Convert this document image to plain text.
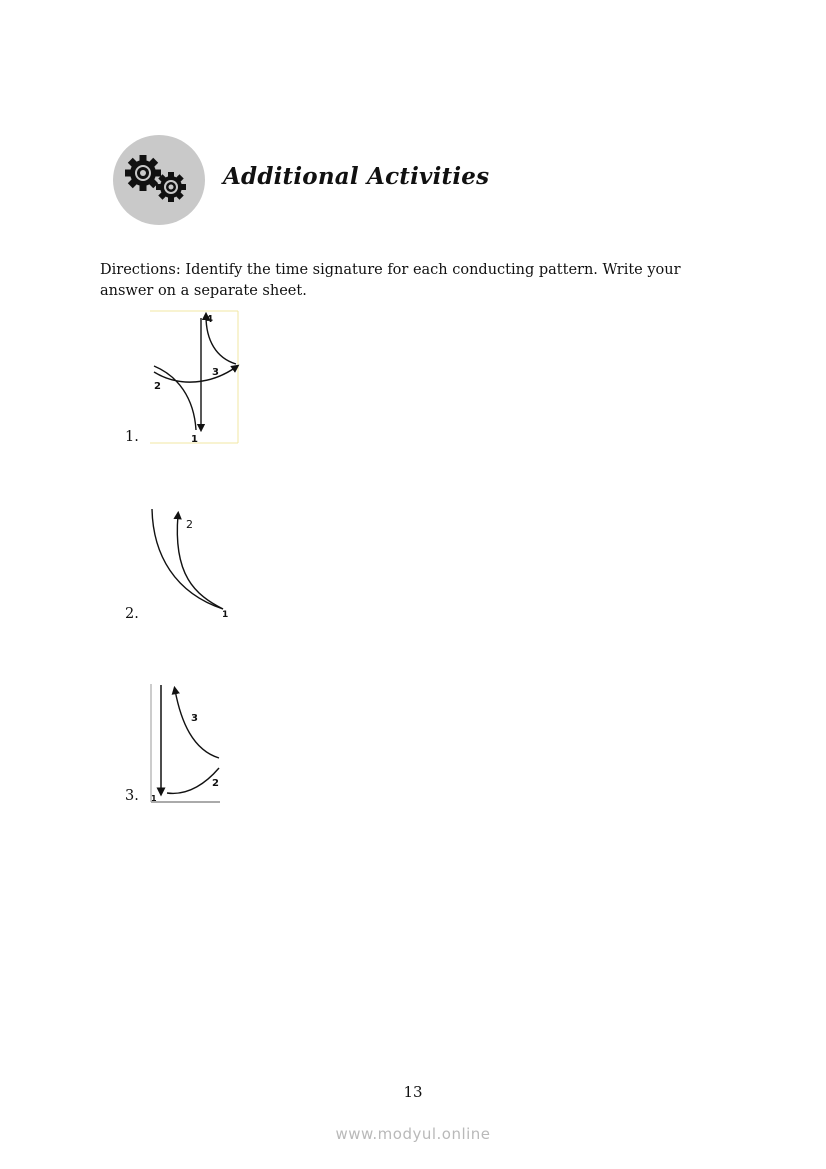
Additional Activities
Directions: Identify the time signature for each conducting pattern. Write your answer on a separate sheet.
1.
2
3
4
1
2.
2
1
3.
3
2
1
13
www.modyul.online
